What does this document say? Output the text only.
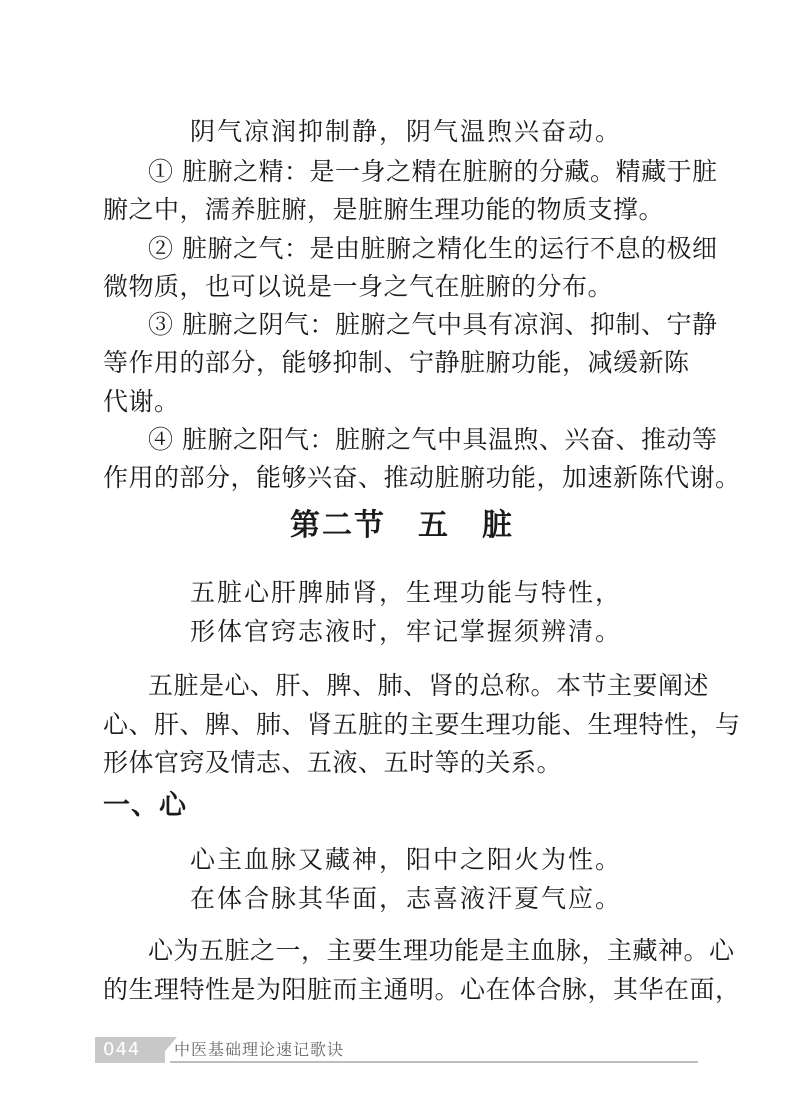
阴气凉润抑制静，阴气温煦兴奋动。
① 脏腑之精：是一身之精在脏腑的分藏。精藏于脏
腑之中，濡养脏腑，是脏腑生理功能的物质支撑。
② 脏腑之气：是由脏腑之精化生的运行不息的极细
微物质，也可以说是一身之气在脏腑的分布。
③ 脏腑之阴气：脏腑之气中具有凉润、抑制、宁静
等作用的部分，能够抑制、宁静脏腑功能，减缓新陈
代谢。
④ 脏腑之阳气：脏腑之气中具温煦、兴奋、推动等
作用的部分，能够兴奋、推动脏腑功能，加速新陈代谢。
第二节　五　脏
五脏心肝脾肺肾，生理功能与特性，
形体官窍志液时，牢记掌握须辨清。
五脏是心、肝、脾、肺、肾的总称。本节主要阐述
心、肝、脾、肺、肾五脏的主要生理功能、生理特性，与
形体官窍及情志、五液、五时等的关系。
一、心
心主血脉又藏神，阳中之阳火为性。
在体合脉其华面，志喜液汗夏气应。
心为五脏之一，主要生理功能是主血脉，主藏神。心
的生理特性是为阳脏而主通明。心在体合脉，其华在面，
044 中医基础理论速记歌诀
